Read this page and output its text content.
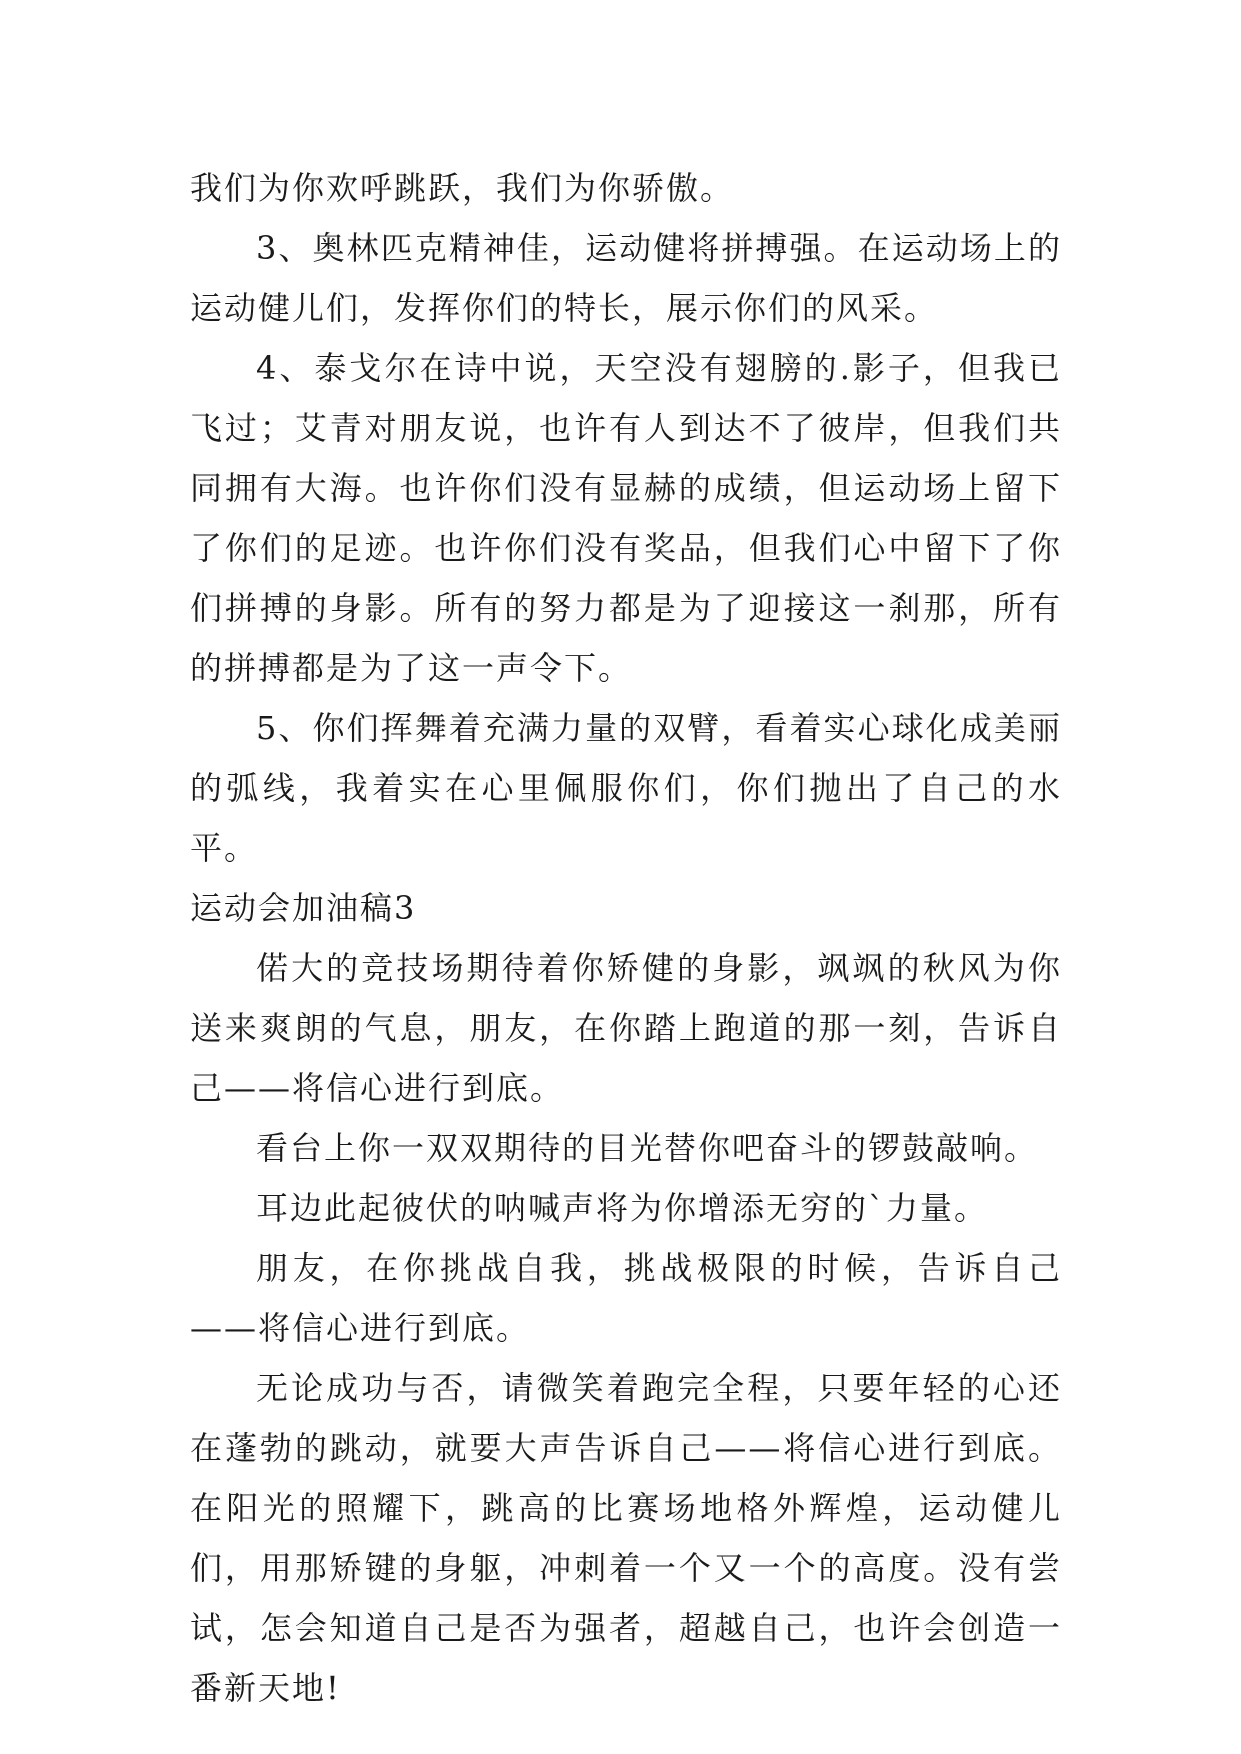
我们为你欢呼跳跃，我们为你骄傲。

3、奥林匹克精神佳，运动健将拼搏强。在运动场上的运动健儿们，发挥你们的特长，展示你们的风采。

4、泰戈尔在诗中说，天空没有翅膀的.影子，但我已飞过；艾青对朋友说，也许有人到达不了彼岸，但我们共同拥有大海。也许你们没有显赫的成绩，但运动场上留下了你们的足迹。也许你们没有奖品，但我们心中留下了你们拼搏的身影。所有的努力都是为了迎接这一刹那，所有的拼搏都是为了这一声令下。

5、你们挥舞着充满力量的双臂，看着实心球化成美丽的弧线，我着实在心里佩服你们，你们抛出了自己的水平。

运动会加油稿3

偌大的竞技场期待着你矫健的身影，飒飒的秋风为你送来爽朗的气息，朋友，在你踏上跑道的那一刻，告诉自己——将信心进行到底。

看台上你一双双期待的目光替你吧奋斗的锣鼓敲响。

耳边此起彼伏的呐喊声将为你增添无穷的`力量。

朋友，在你挑战自我，挑战极限的时候，告诉自己——将信心进行到底。

无论成功与否，请微笑着跑完全程，只要年轻的心还在蓬勃的跳动，就要大声告诉自己——将信心进行到底。在阳光的照耀下，跳高的比赛场地格外辉煌，运动健儿们，用那矫键的身躯，冲刺着一个又一个的高度。没有尝试，怎会知道自己是否为强者，超越自己，也许会创造一番新天地!
